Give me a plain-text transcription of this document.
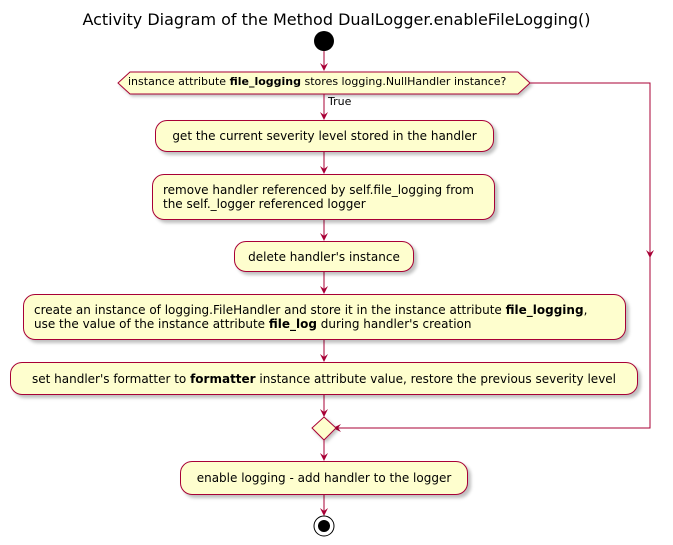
Activity Diagram of the Method DualLogger.enableFileLogging()
instance attribute file_logging stores logging.NullHandler instance?
True
get the current severity level stored in the handler
remove handler referenced by self.file_logging from
the self._logger referenced logger
delete handler's instance
create an instance of logging.FileHandler and store it in the instance attribute file_logging,
use the value of the instance attribute file_log during handler's creation
set handler's formatter to formatter instance attribute value, restore the previous severity level
enable logging - add handler to the logger
